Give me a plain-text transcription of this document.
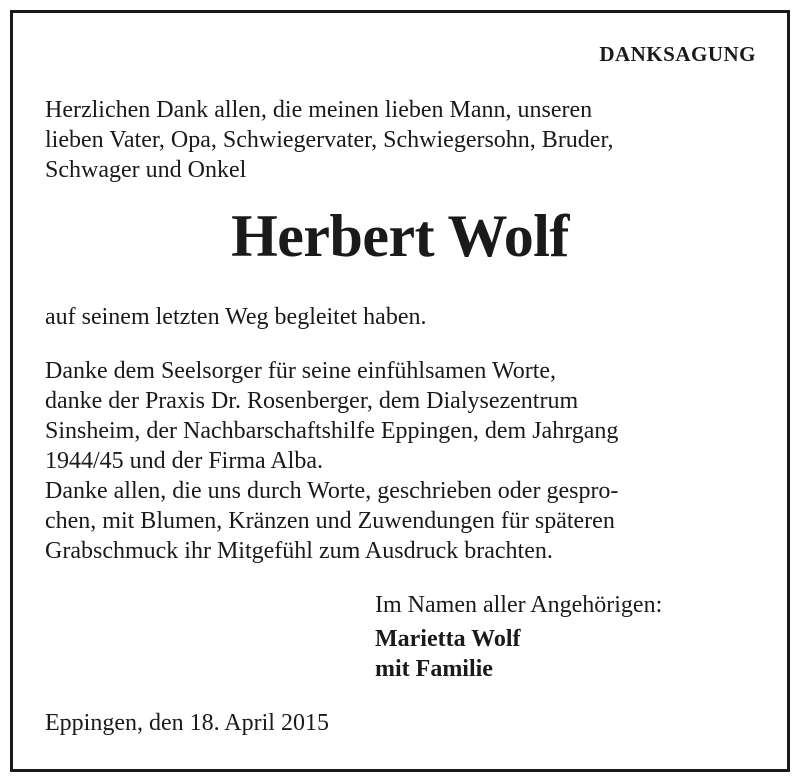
DANKSAGUNG
Herzlichen Dank allen, die meinen lieben Mann, unseren
lieben Vater, Opa, Schwiegervater, Schwiegersohn, Bruder,
Schwager und Onkel
Herbert Wolf
auf seinem letzten Weg begleitet haben.
Danke dem Seelsorger für seine einfühlsamen Worte,
danke der Praxis Dr. Rosenberger, dem Dialysezentrum
Sinsheim, der Nachbarschaftshilfe Eppingen, dem Jahrgang
1944/45 und der Firma Alba.
Danke allen, die uns durch Worte, geschrieben oder gespro-
chen, mit Blumen, Kränzen und Zuwendungen für späteren
Grabschmuck ihr Mitgefühl zum Ausdruck brachten.
Im Namen aller Angehörigen:
Marietta Wolf
mit Familie
Eppingen, den 18. April 2015
